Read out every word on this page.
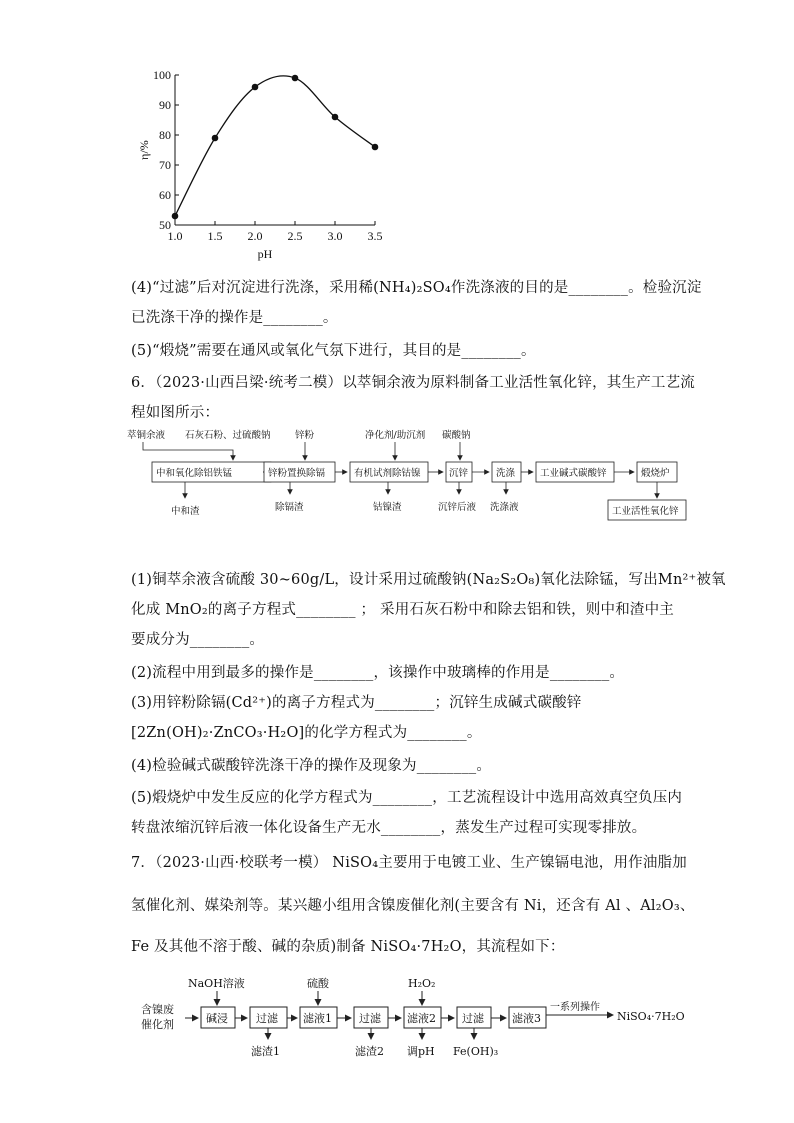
50
60
70
80
90
100
1.0 1.5 2.0 2.5 3.0 3.5
pH
η/%
(4)“过滤”后对沉淀进行洗涤，采用稀(NH₄)₂SO₄作洗涤液的目的是________。检验沉淀
已洗涤干净的操作是________。
(5)“煅烧”需要在通风或氧化气氛下进行，其目的是________。
6．（2023·山西吕梁·统考二模）以萃铜余液为原料制备工业活性氧化锌，其生产工艺流
程如图所示：
萃铜余液 石灰石粉、过硫酸钠	锌粉	净化剂/助沉剂 碳酸钠
中和氧化除铝铁锰	锌粉置换除镉	有机试剂除钴镍	沉锌	洗涤	工业碱式碳酸锌	煅烧炉
工业活性氧化锌
中和渣	除镉渣	钴镍渣	沉锌后液 洗涤液
(1)铜萃余液含硫酸 30~60g/L，设计采用过硫酸钠(Na₂S₂O₈)氧化法除锰，写出Mn²⁺被氧
化成 MnO₂的离子方程式________ ； 采用石灰石粉中和除去铝和铁，则中和渣中主
要成分为________。
(2)流程中用到最多的操作是________，该操作中玻璃棒的作用是________。
(3)用锌粉除镉(Cd²⁺)的离子方程式为________；沉锌生成碱式碳酸锌
[2Zn(OH)₂·ZnCO₃·H₂O]的化学方程式为________。
(4)检验碱式碳酸锌洗涤干净的操作及现象为________。
(5)煅烧炉中发生反应的化学方程式为________，工艺流程设计中选用高效真空负压内
转盘浓缩沉锌后液一体化设备生产无水________，蒸发生产过程可实现零排放。
7．（2023·山西·校联考一模） NiSO₄主要用于电镀工业、生产镍镉电池，用作油脂加
氢催化剂、媒染剂等。某兴趣小组用含镍废催化剂(主要含有 Ni，还含有 Al 、Al₂O₃、
Fe 及其他不溶于酸、碱的杂质)制备 NiSO₄·7H₂O，其流程如下：
含镍废
催化剂
NaOH溶液
碱浸	过滤
滤渣1
硫酸
滤液1 过滤
滤渣2
H₂O₂
滤液2
调pH
过滤
Fe(OH)₃
滤液3
一系列操作
NiSO₄·7H₂O
